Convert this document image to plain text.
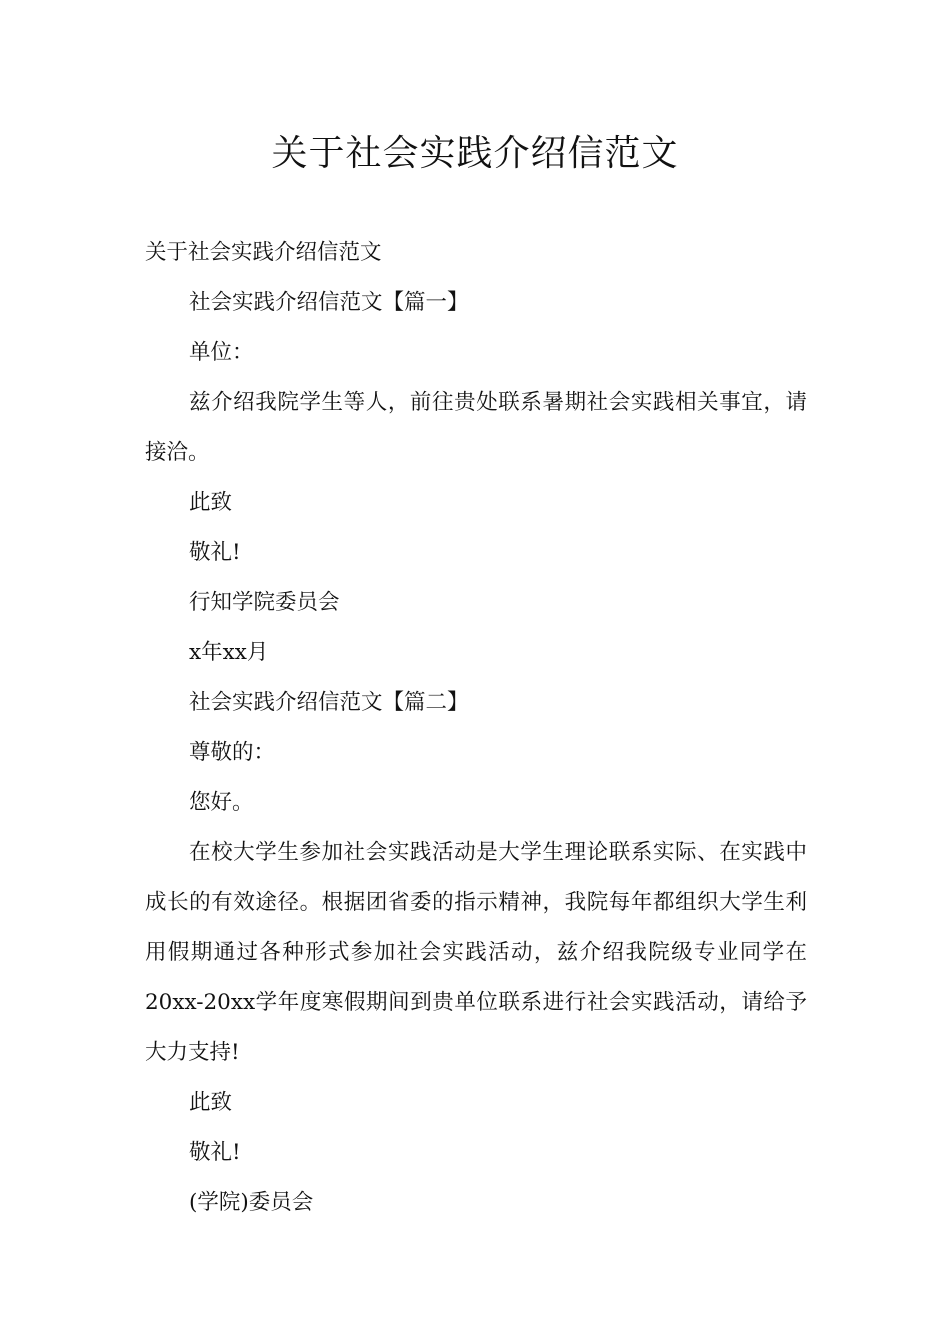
关于社会实践介绍信范文

关于社会实践介绍信范文

社会实践介绍信范文【篇一】

单位：

兹介绍我院学生等人，前往贵处联系暑期社会实践相关事宜，请接洽。

此致

敬礼!

行知学院委员会

x年xx月

社会实践介绍信范文【篇二】

尊敬的：

您好。

在校大学生参加社会实践活动是大学生理论联系实际、在实践中成长的有效途径。根据团省委的指示精神，我院每年都组织大学生利用假期通过各种形式参加社会实践活动，兹介绍我院级专业同学在20xx-20xx学年度寒假期间到贵单位联系进行社会实践活动，请给予大力支持!

此致

敬礼!

(学院)委员会
